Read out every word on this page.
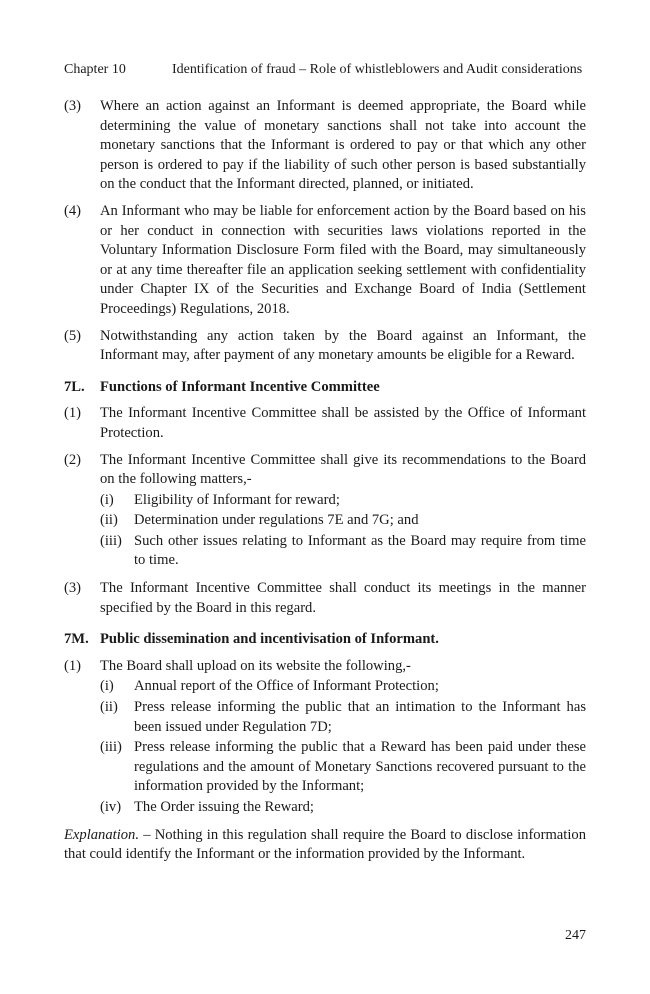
Chapter 10	Identification of fraud – Role of whistleblowers and Audit considerations
(3)	Where an action against an Informant is deemed appropriate, the Board while determining the value of monetary sanctions shall not take into account the monetary sanctions that the Informant is ordered to pay or that which any other person is ordered to pay if the liability of such other person is based substantially on the conduct that the Informant directed, planned, or initiated.
(4)	An Informant who may be liable for enforcement action by the Board based on his or her conduct in connection with securities laws violations reported in the Voluntary Information Disclosure Form filed with the Board, may simultaneously or at any time thereafter file an application seeking settlement with confidentiality under Chapter IX of the Securities and Exchange Board of India (Settlement Proceedings) Regulations, 2018.
(5)	Notwithstanding any action taken by the Board against an Informant, the Informant may, after payment of any monetary amounts be eligible for a Reward.
7L.	Functions of Informant Incentive Committee
(1)	The Informant Incentive Committee shall be assisted by the Office of Informant Protection.
(2)	The Informant Incentive Committee shall give its recommendations to the Board on the following matters,-
(i)	Eligibility of Informant for reward;
(ii)	Determination under regulations 7E and 7G; and
(iii) Such other issues relating to Informant as the Board may require from time to time.
(3)	The Informant Incentive Committee shall conduct its meetings in the manner specified by the Board in this regard.
7M. Public dissemination and incentivisation of Informant.
(1)	The Board shall upload on its website the following,-
(i)	Annual report of the Office of Informant Protection;
(ii)	Press release informing the public that an intimation to the Informant has been issued under Regulation 7D;
(iii) Press release informing the public that a Reward has been paid under these regulations and the amount of Monetary Sanctions recovered pursuant to the information provided by the Informant;
(iv) The Order issuing the Reward;
Explanation. – Nothing in this regulation shall require the Board to disclose information that could identify the Informant or the information provided by the Informant.
247
